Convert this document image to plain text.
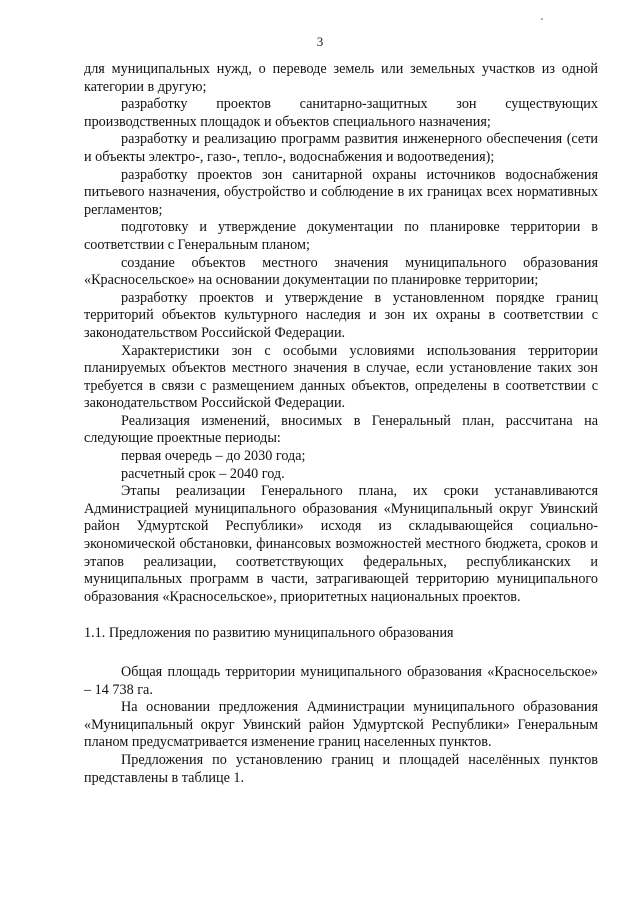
3

для муниципальных нужд, о переводе земель или земельных участков из одной категории в другую;

разработку проектов санитарно-защитных зон существующих производственных площадок и объектов специального назначения;

разработку и реализацию программ развития инженерного обеспечения (сети и объекты электро-, газо-, тепло-, водоснабжения и водоотведения);

разработку проектов зон санитарной охраны источников водоснабжения питьевого назначения, обустройство и соблюдение в их границах всех нормативных регламентов;

подготовку и утверждение документации по планировке территории в соответствии с Генеральным планом;

создание объектов местного значения муниципального образования «Красносельское» на основании документации по планировке территории;

разработку проектов и утверждение в установленном порядке границ территорий объектов культурного наследия и зон их охраны в соответствии с законодательством Российской Федерации.

Характеристики зон с особыми условиями использования территории планируемых объектов местного значения в случае, если установление таких зон требуется в связи с размещением данных объектов, определены в соответствии с законодательством Российской Федерации.

Реализация изменений, вносимых в Генеральный план, рассчитана на следующие проектные периоды:

первая очередь – до 2030 года;

расчетный срок – 2040 год.

Этапы реализации Генерального плана, их сроки устанавливаются Администрацией муниципального образования «Муниципальный округ Увинский район Удмуртской Республики» исходя из складывающейся социально-экономической обстановки, финансовых возможностей местного бюджета, сроков и этапов реализации, соответствующих федеральных, республиканских и муниципальных программ в части, затрагивающей территорию муниципального образования «Красносельское», приоритетных национальных проектов.

1.1. Предложения по развитию муниципального образования

Общая площадь территории муниципального образования «Красносельское» – 14 738 га.

На основании предложения Администрации муниципального образования «Муниципальный округ Увинский район Удмуртской Республики» Генеральным планом предусматривается изменение границ населенных пунктов.

Предложения по установлению границ и площадей населённых пунктов представлены в таблице 1.
